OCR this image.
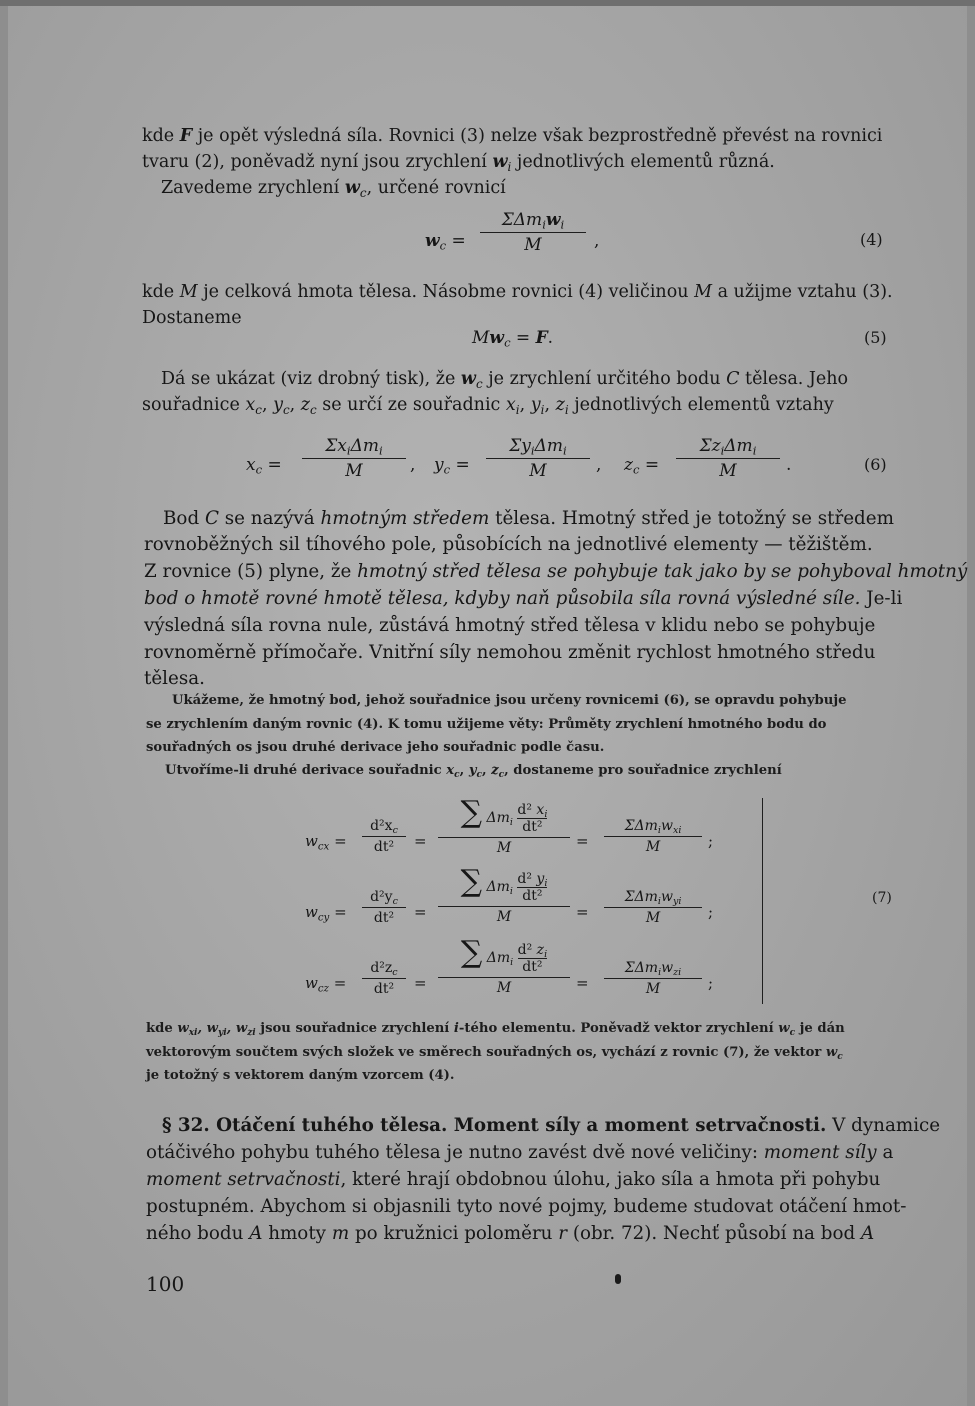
kde F je opět výsledná síla. Rovnici (3) nelze však bezprostředně převést na rovnici
tvaru (2), poněvadž nyní jsou zrychlení $w_i$ jednotlivých elementů různá.
Zavedeme zrychlení $w_c$, určené rovnicí
$w_c$ =
$\Sigma\Delta m_iw_i$
M	,	(4)
kde M je celková hmota tělesa. Násobme rovnici (4) veličinou M a užijme vztahu (3).
Dostaneme
$Mw_c = F$.	(5)
Dá se ukázat (viz drobný tisk), že $w_c$ je zrychlení určitého bodu C tělesa. Jeho
souřadnice $x_c$, $y_c$, $z_c$ se určí ze souřadnic $x_i$, $y_i$, $z_i$ jednotlivých elementů vztahy
$x_c$ =
$\Sigma x_i\Delta m_i$
M	, $y_c$ =
$\Sigma y_i\Delta m_i$
M	, $z_c$ =
$\Sigma z_i\Delta m_i$
M	.	(6)
Bod C se nazývá hmotným středem tělesa. Hmotný střed je totožný se středem
rovnoběžných sil tíhového pole, působících na jednotlivé elementy — těžištěm.
Z rovnice (5) plyne, že hmotný střed tělesa se pohybuje tak jako by se pohyboval hmotný
bod o hmotě rovné hmotě tělesa, kdyby naň působila síla rovná výsledné síle. Je-li
výsledná síla rovna nule, zůstává hmotný střed tělesa v klidu nebo se pohybuje
rovnoměrně přímočaře. Vnitřní síly nemohou změnit rychlost hmotného středu
tělesa.
Ukážeme, že hmotný bod, jehož souřadnice jsou určeny rovnicemi (6), se opravdu pohybuje
se zrychlením daným rovnic (4). K tomu užijeme věty: Průměty zrychlení hmotného bodu do
souřadných os jsou druhé derivace jeho souřadnic podle času.
Utvoříme-li druhé derivace souřadnic $x_c$, $y_c$, $z_c$, dostaneme pro souřadnice zrychlení
$w_{cx}$ =
$d^2x_c$
dt²	=
∑ $\Delta m_i \frac{d^2 x_i}{\text{dt²}}$
M	=
$\Sigma\Delta m_iw_{xi}$
M	;
$w_{cy}$ =
$d^2y_c$
dt²	=
∑ $\Delta m_i \frac{d^2 y_i}{\text{dt²}}$
M	=
$\Sigma\Delta m_iw_{yi}$
M	;
$w_{cz}$ =
$d^2z_c$
dt²	=
∑ $\Delta m_i \frac{d^2 z_i}{\text{dt²}}$
M	=
$\Sigma\Delta m_iw_{zi}$
M	;
(7)
kde $w_{xi}$, $w_{yi}$, $w_{zi}$ jsou souřadnice zrychlení i-tého elementu. Poněvadž vektor zrychlení $w_c$ je dán
vektorovým součtem svých složek ve směrech souřadných os, vychází z rovnic (7), že vektor $w_c$
je totožný s vektorem daným vzorcem (4).
§ 32. Otáčení tuhého tělesa. Moment síly a moment setrvačnosti. V dynamice
otáčivého pohybu tuhého tělesa je nutno zavést dvě nové veličiny: moment síly a
moment setrvačnosti, které hrají obdobnou úlohu, jako síla a hmota při pohybu
postupném. Abychom si objasnili tyto nové pojmy, budeme studovat otáčení hmot-
ného bodu A hmoty m po kružnici poloměru r (obr. 72). Nechť působí na bod A
100
